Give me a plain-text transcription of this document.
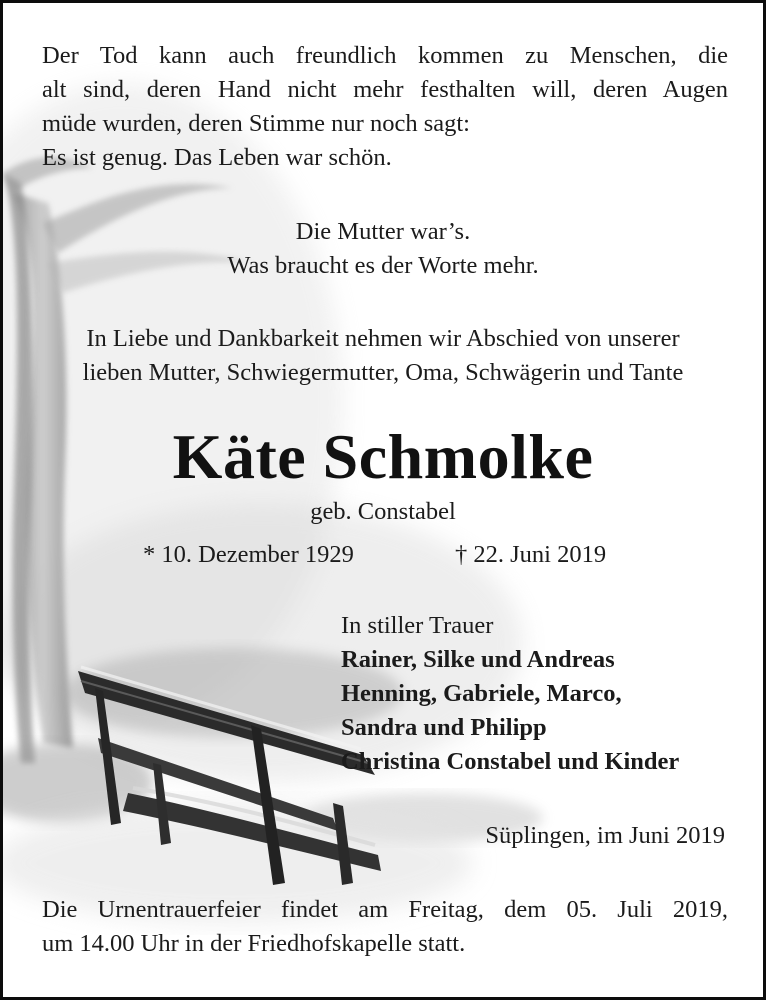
Der Tod kann auch freundlich kommen zu Menschen, die
alt sind, deren Hand nicht mehr festhalten will, deren Augen
müde wurden, deren Stimme nur noch sagt:
Es ist genug. Das Leben war schön.
Die Mutter war’s.
Was braucht es der Worte mehr.
In Liebe und Dankbarkeit nehmen wir Abschied von unserer
lieben Mutter, Schwiegermutter, Oma, Schwägerin und Tante
Käte Schmolke
geb. Constabel
* 10. Dezember 1929	† 22. Juni 2019
In stiller Trauer
Rainer, Silke und Andreas
Henning, Gabriele, Marco,
Sandra und Philipp
Christina Constabel und Kinder
Süplingen, im Juni 2019
Die Urnentrauerfeier findet am Freitag, dem 05. Juli 2019,
um 14.00 Uhr in der Friedhofskapelle statt.
